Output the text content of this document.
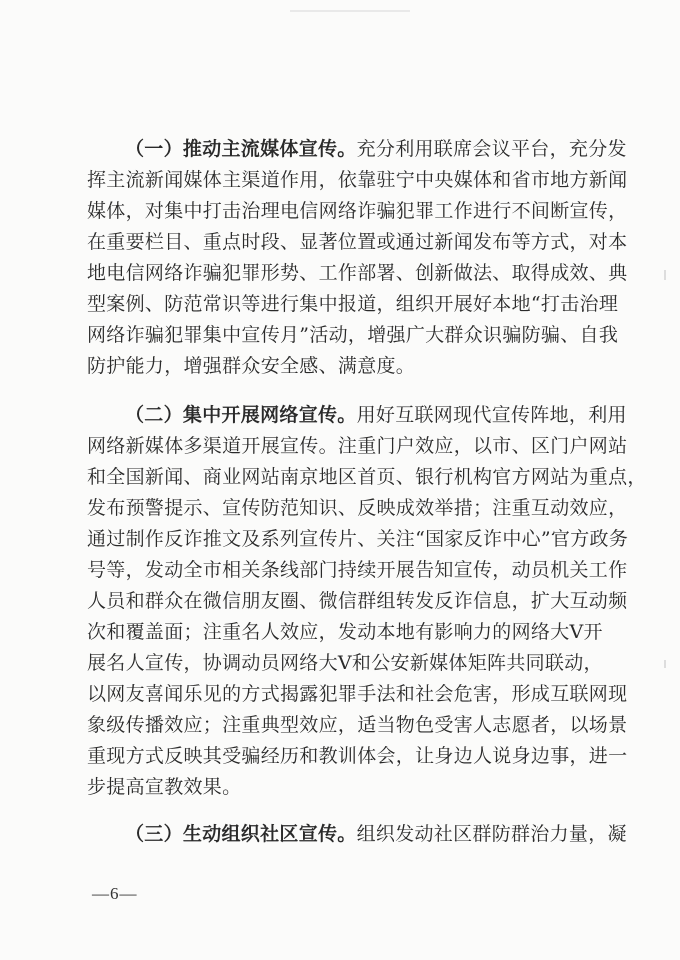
（一）推动主流媒体宣传。充分利用联席会议平台，充分发
挥主流新闻媒体主渠道作用，依靠驻宁中央媒体和省市地方新闻
媒体，对集中打击治理电信网络诈骗犯罪工作进行不间断宣传，
在重要栏目、重点时段、显著位置或通过新闻发布等方式，对本
地电信网络诈骗犯罪形势、工作部署、创新做法、取得成效、典
型案例、防范常识等进行集中报道，组织开展好本地“打击治理
网络诈骗犯罪集中宣传月”活动，增强广大群众识骗防骗、自我
防护能力，增强群众安全感、满意度。
（二）集中开展网络宣传。用好互联网现代宣传阵地，利用
网络新媒体多渠道开展宣传。注重门户效应，以市、区门户网站
和全国新闻、商业网站南京地区首页、银行机构官方网站为重点，
发布预警提示、宣传防范知识、反映成效举措；注重互动效应，
通过制作反诈推文及系列宣传片、关注“国家反诈中心”官方政务
号等，发动全市相关条线部门持续开展告知宣传，动员机关工作
人员和群众在微信朋友圈、微信群组转发反诈信息，扩大互动频
次和覆盖面；注重名人效应，发动本地有影响力的网络大V开
展名人宣传，协调动员网络大V和公安新媒体矩阵共同联动，
以网友喜闻乐见的方式揭露犯罪手法和社会危害，形成互联网现
象级传播效应；注重典型效应，适当物色受害人志愿者，以场景
重现方式反映其受骗经历和教训体会，让身边人说身边事，进一
步提高宣教效果。
（三）生动组织社区宣传。组织发动社区群防群治力量，凝
—6—
